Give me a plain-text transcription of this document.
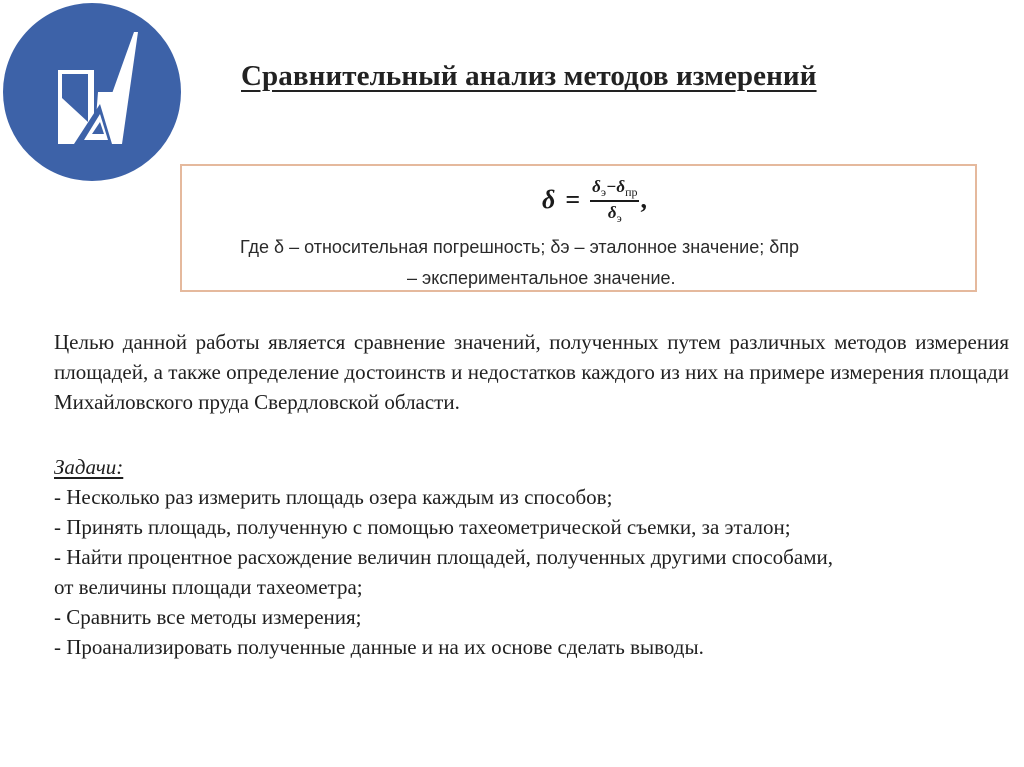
Сравнительный анализ методов измерений
$\delta = \frac{\delta_э-\delta_{пр}}{\delta_э}$ ,
Где δ – относительная погрешность; δэ – эталонное значение; δпр
– экспериментальное значение.

Целью данной работы является сравнение значений, полученных путем различных методов измерения площадей, а также определение достоинств и недостатков каждого из них на примере измерения площади Михайловского пруда Свердловской области.

Задачи:
- Несколько раз измерить площадь озера каждым из способов;
- Принять площадь, полученную с помощью тахеометрической съемки, за эталон;
- Найти процентное расхождение величин площадей, полученных другими способами,
от величины площади тахеометра;
- Сравнить все методы измерения;
- Проанализировать полученные данные и на их основе сделать выводы.
